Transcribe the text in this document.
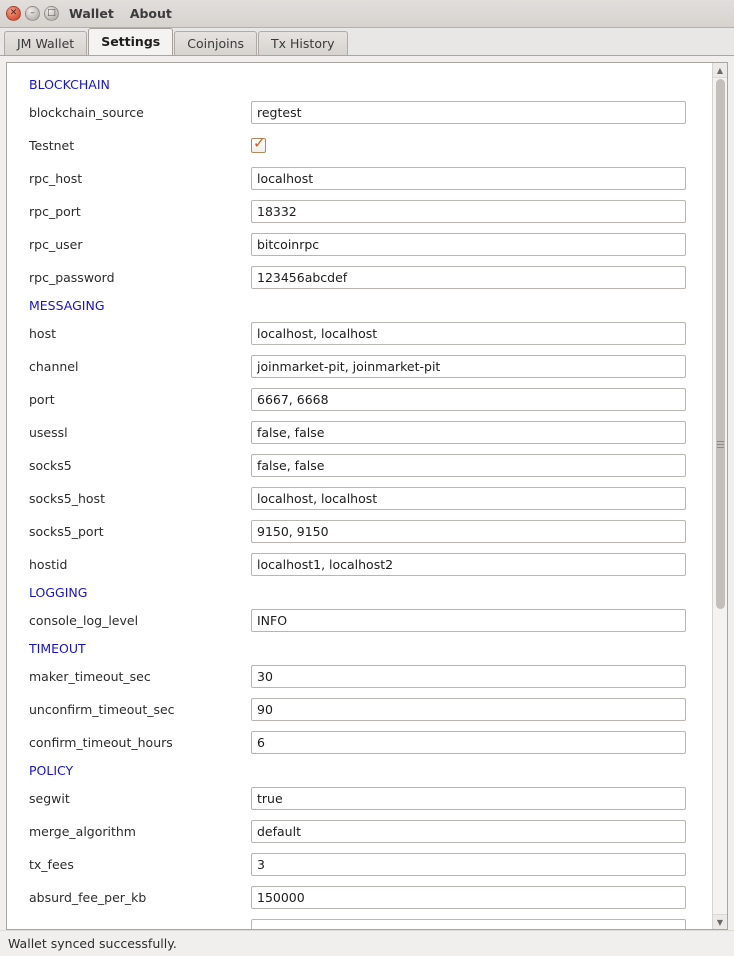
✕	–	□ Wallet About
JM Wallet	Settings	Coinjoins	Tx History
BLOCKCHAIN
blockchain_source
regtest
Testnet	✓
rpc_host
localhost
rpc_port
18332
rpc_user
bitcoinrpc
rpc_password
123456abcdef
MESSAGING
host
localhost, localhost
channel
joinmarket-pit, joinmarket-pit
port
6667, 6668
usessl
false, false
socks5
false, false
socks5_host
localhost, localhost
socks5_port
9150, 9150
hostid
localhost1, localhost2
LOGGING
console_log_level
INFO
TIMEOUT
maker_timeout_sec
30
unconfirm_timeout_sec
90
confirm_timeout_hours
6
POLICY
segwit
true
merge_algorithm
default
tx_fees
3
absurd_fee_per_kb
150000
▲
▼
Wallet synced successfully.
